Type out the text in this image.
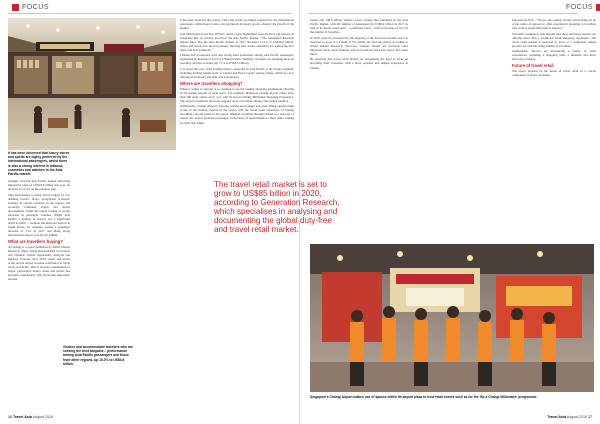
FOCUS
It has been observed that luxury stores and spirits are highly preferred by the international passengers, whilst there is also a strong interest in tobacco, cosmetics and watches in the Asia Pacific market.

strength, with the Asia Pacific market delivering impressive sales of US$19.6 billion last year, an increase of 11.4% on the previous year.

This performance is being driven largely by two defining factors: firstly, exceptional economic fortunes in certain countries in the region; and secondly, continued airport and airline development within the region leading to strong increases in passenger volumes. Within Asia Pacific, a number of airports saw a significant uplift in traffic – Incheon International Airport in South Korea, for example, posted a passenger increase of 15% in 2017 and Hong Kong International Airport was not far behind.

What are travellers buying?

According to a report published by Allied Market Research, titled: Travel Retail Market by Product and Channel: Global Opportunity Analysis and Industry Forecast, 2017–2023, wines and spirits is the second largest revenue contributor in travel retail worldwide. This is because consumption of liquor, particularly luxury wines and spirits, has elevated considerably with increasing disposable income.

Visitors and accommodate travelers who are seeking the best bargains – performance among Asia Pacific passengers and those from other regions, up 15.2% to US$3.6 billion.

It has been observed that luxury wines and spirits are highly preferred by the international passengers, whilst there is also a strong interest in luxury goods, whereby the growth of the market.

Jodi Mantovani noted that TFWA's recent report highlighted Asia Pacific's big interest in categories that are driving growth in the Asia Pacific market: "The Generation Research figures show that the Asia Pacific market in 2017 increased 11.9% to US$19.6 billion. Wines and spirits also proved popular, showing how Asian consumers are embracing new tastes and new traditions."

Fashion and accessories were also strong sales performers among Asia Pacific passengers, registering an increase of 6.2% to US$4.6 billion. Similarly, travellers are spending more on jewellery and fine watches (up 7.1% to US$2.5 billion).

It is noted that one of the leading luxury categories in Asia Pacific is the beauty segment, including leading brands such as Chanel and Estee Lauder among others, which are now offering more beauty and skin care experiences.

Where are travellers shopping?

When it comes to airports, it is common to see the leading shopping destinations showing an increasing amount of retail space. For example, Singapore Changi Airport offers more than 400 retail outlets every year with its award-winning Millennial Shopping Experience. The airport's terminals showcase regional and local brands among other global retailers.

Additionally, Changi Airport's spacious seating and lounges and great dining options make it one of the leading airports in the world, with the travel retail experience of Changi becoming a strong leader in the region. Whether travelling through Changi as a stopover or transit, the airport provides passengers with plenty of opportunities to shop while waiting for their next flight.

16 Travel Asia August 2018
FOCUS

tourist and 148.6 billion visitors across Changi that remained in the Asia Pacific market, with the number of passengers hit US$8.2 billion in 2017 as well as in airport retail sales – a particular trend – with an increase of 16% in the number of travellers.

In 2016, airports accounted for the majority of the duty-free revenue and it is expected to grow at a CAGR of 9% during the forecast period, according to Allied Market Research. However, retailers should not overlook other important travel retail channels such as downtown duty-free stores and cruise liners.

He observed that travel retail brands are recognising the need to focus on providing their customers with a more personal and unique experience at Changi.

followed in 2019 – "We are also seeing concept stores being set up at the centre of airports to offer experiential shopping to travellers who want to spend their time at airports."

Travellers continue to visit airports and shop, and many airports are offering more than a traditional retail shopping experience. The travel retail market is expected to grow at a compound annual growth rate with the rising number of travellers.

Additionally, airports are introducing a variety of retail experiences, including a shopping mall, a museum and more attractive products.

Future of travel retail

The report focused on the future of travel retail as a crucial component of airport revenues.

The travel retail market is set to
grow to US$85 billion in 2020,
according to Generation Research,
which specialises in analysing and
documenting the global duty-free
and travel retail market.
Singapore's Changi Airport makes use of spaces within its airport plaza to host retail events such as for the 'Be a Changi Millionaire' programme.
Travel Asia August 2018 17
